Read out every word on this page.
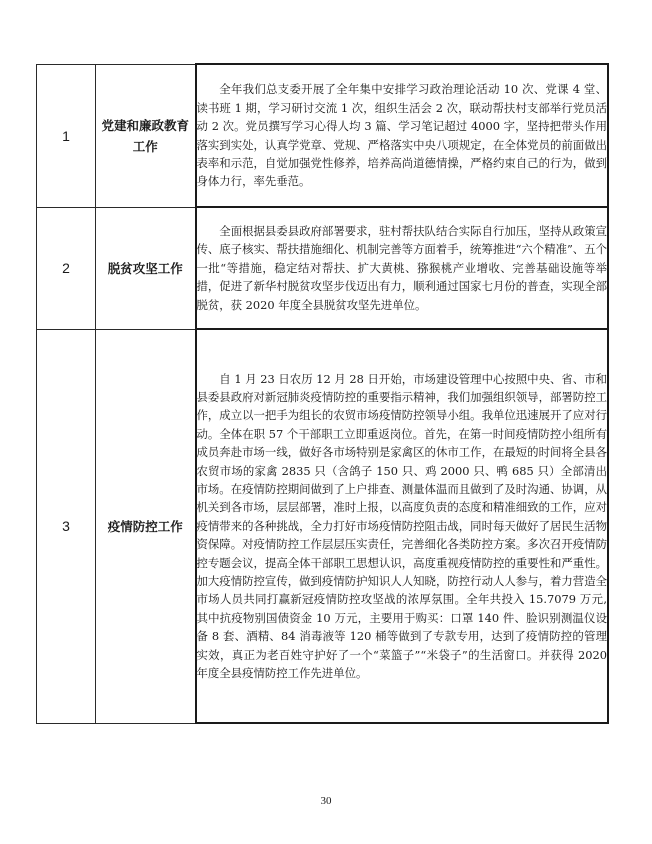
1	党建和廉政教育工作	全年我们总支委开展了全年集中安排学习政治理论活动 10 次、党课 4 堂、读书班 1 期，学习研讨交流 1 次，组织生活会 2 次，联动帮扶村支部举行党员活动 2 次。党员撰写学习心得人均 3 篇、学习笔记超过 4000 字，坚持把带头作用落实到实处，认真学党章、党规、严格落实中央八项规定，在全体党员的前面做出表率和示范，自觉加强党性修养，培养高尚道德情操，严格约束自己的行为，做到身体力行，率先垂范。

2	脱贫攻坚工作	全面根据县委县政府部署要求，驻村帮扶队结合实际自行加压，坚持从政策宣传、底子核实、帮扶措施细化、机制完善等方面着手，统筹推进“六个精准”、五个一批“等措施，稳定结对帮扶、扩大黄桃、猕猴桃产业增收、完善基础设施等举措，促进了新华村脱贫攻坚步伐迈出有力，顺利通过国家七月份的普查，实现全部脱贫，获 2020 年度全县脱贫攻坚先进单位。

3	疫情防控工作	自 1 月 23 日农历 12 月 28 日开始，市场建设管理中心按照中央、省、市和县委县政府对新冠肺炎疫情防控的重要指示精神，我们加强组织领导，部署防控工作，成立以一把手为组长的农贸市场疫情防控领导小组。我单位迅速展开了应对行动。全体在职 57 个干部职工立即重返岗位。首先，在第一时间疫情防控小组所有成员奔赴市场一线，做好各市场特别是家禽区的休市工作，在最短的时间将全县各农贸市场的家禽 2835 只（含鸽子 150 只、鸡 2000 只、鸭 685 只）全部清出市场。在疫情防控期间做到了上户排查、测量体温而且做到了及时沟通、协调，从机关到各市场，层层部署，准时上报，以高度负责的态度和精准细致的工作，应对疫情带来的各种挑战，全力打好市场疫情防控阻击战，同时每天做好了居民生活物资保障。对疫情防控工作层层压实责任，完善细化各类防控方案。多次召开疫情防控专题会议，提高全体干部职工思想认识，高度重视疫情防控的重要性和严重性。加大疫情防控宣传，做到疫情防护知识人人知晓，防控行动人人参与，着力营造全市场人员共同打赢新冠疫情防控攻坚战的浓厚氛围。全年共投入 15.7079 万元,其中抗疫物别国债资金 10 万元，主要用于购买：口罩 140 件、脸识别测温仪设备 8 套、酒精、84 消毒液等 120 桶等做到了专款专用，达到了疫情防控的管理实效，真正为老百姓守护好了一个“菜篮子”“米袋子”的生活窗口。并获得 2020 年度全县疫情防控工作先进单位。

30
